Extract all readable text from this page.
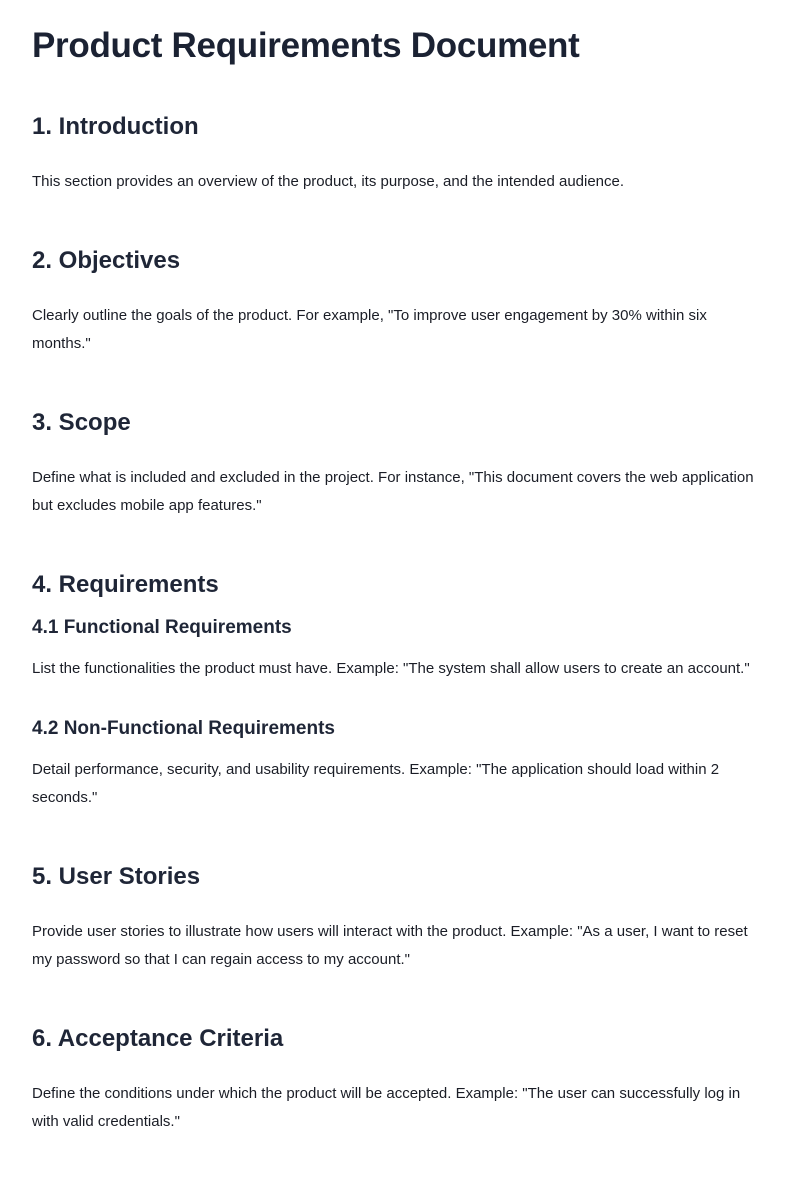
Product Requirements Document
1. Introduction

This section provides an overview of the product, its purpose, and the intended audience.

2. Objectives

Clearly outline the goals of the product. For example, "To improve user engagement by 30% within six months."

3. Scope

Define what is included and excluded in the project. For instance, "This document covers the web application but excludes mobile app features."

4. Requirements
4.1 Functional Requirements

List the functionalities the product must have. Example: "The system shall allow users to create an account."

4.2 Non-Functional Requirements

Detail performance, security, and usability requirements. Example: "The application should load within 2 seconds."

5. User Stories

Provide user stories to illustrate how users will interact with the product. Example: "As a user, I want to reset my password so that I can regain access to my account."

6. Acceptance Criteria

Define the conditions under which the product will be accepted. Example: "The user can successfully log in with valid credentials."
